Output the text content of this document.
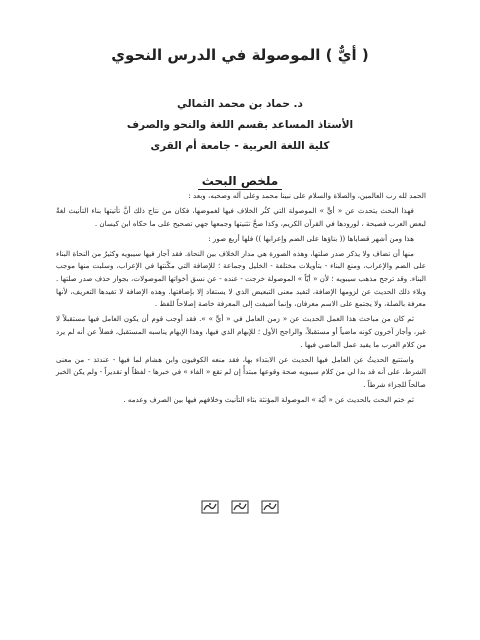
( أيٌّ ) الموصولة في الدرس النحوي
د. حماد بن محمد الثمالي
الأستاذ المساعد بقسم اللغة والنحو والصرف
كلية اللغة العربية - جامعة أم القرى
ملخص البحث

الحمد لله رب العالمين، والصلاة والسلام على نبينا محمد وعلى آله وصحبه، وبعد :

فهذا البحث يتحدث عن « أيٍّ » الموصولة التي كثُر الخلاف فيها لغموضها، فكان من نتاج ذلك أنَّ تأتيتها بناء التأنيث لغةٌ لبعض العرب فصيحة ، لورودها في القرآن الكريم، وكذا صحَّ تثنيتها وجمعها جهي تصحيح على ما حكاه ابن كيسان .

هذا ومن أشهر قضاياها (( بناؤها على الضم وإعرابها )) فلها أربع صور :

منها أن تضاف ولا يذكر صدر صلتها، وهذه الصورة هي مدار الخلاف بين النحاة. فقد أجاز فيها سيبويه وكثيرٌ من النحاة البناء على الضم والإعراب، ومنع البناء - بتأويلات مختلفة - الخليل وجماعة ؛ للإضافة التي مكّنتها في الإعراب، وسلبت منها موجب البناء. وقد ترجح مذهب سيبويه ؛ لأن « أيّاً » الموصولة خرجت - عنده - عن نسق أخواتها الموصولات، بجواز حذف صدر صلتها . وبلاء ذلك الحديث عن لزومها الإضافة، لتفيد معنى التبعيض الذي لا يستفاد إلا بإضافتها. وهذه الإضافة لا تفيدها التعريف، لأنها معرفة بالصلة، ولا يجتمع على الاسم معرفان، وإنما أضيفت إلى المعرفة خاصة إصلاحاً للفظ .

ثم كان من مباحث هذا العمل الحديث عن « زمن العامل في « أيٍّ » ». فقد أوجب قوم أن يكون العامل فيها مستقبلاً لا غير، وأجاز آخرون كونه ماضياً أو مستقبلاً، والراجح الأول ؛ للإبهام الذي فيها، وهذا الإبهام يناسبه المستقبل، فضلاً عن أنه لم يرد من كلام العرب ما يفيد عمل الماضي فيها .

واستتبع الحديثُ عن العامل فيها الحديث عن الابتداء بها، فقد منعه الكوفيون وابن هشام لما فيها - عندئذ - من معنى الشرط، على أنه قد بدا لي من كلام سيبويه صحة وقوعها مبتدأً إن لم تقع « الفاء » في خبرها - لفظاً أو تقديراً - ولم يكن الخبر صالحاً للجزاء شرطاً .

ثم ختم البحث بالحديث عن « أيّة » الموصولة المؤنثة بتاء التأنيث وخلافهم فيها بين الصرف وعدمه .
